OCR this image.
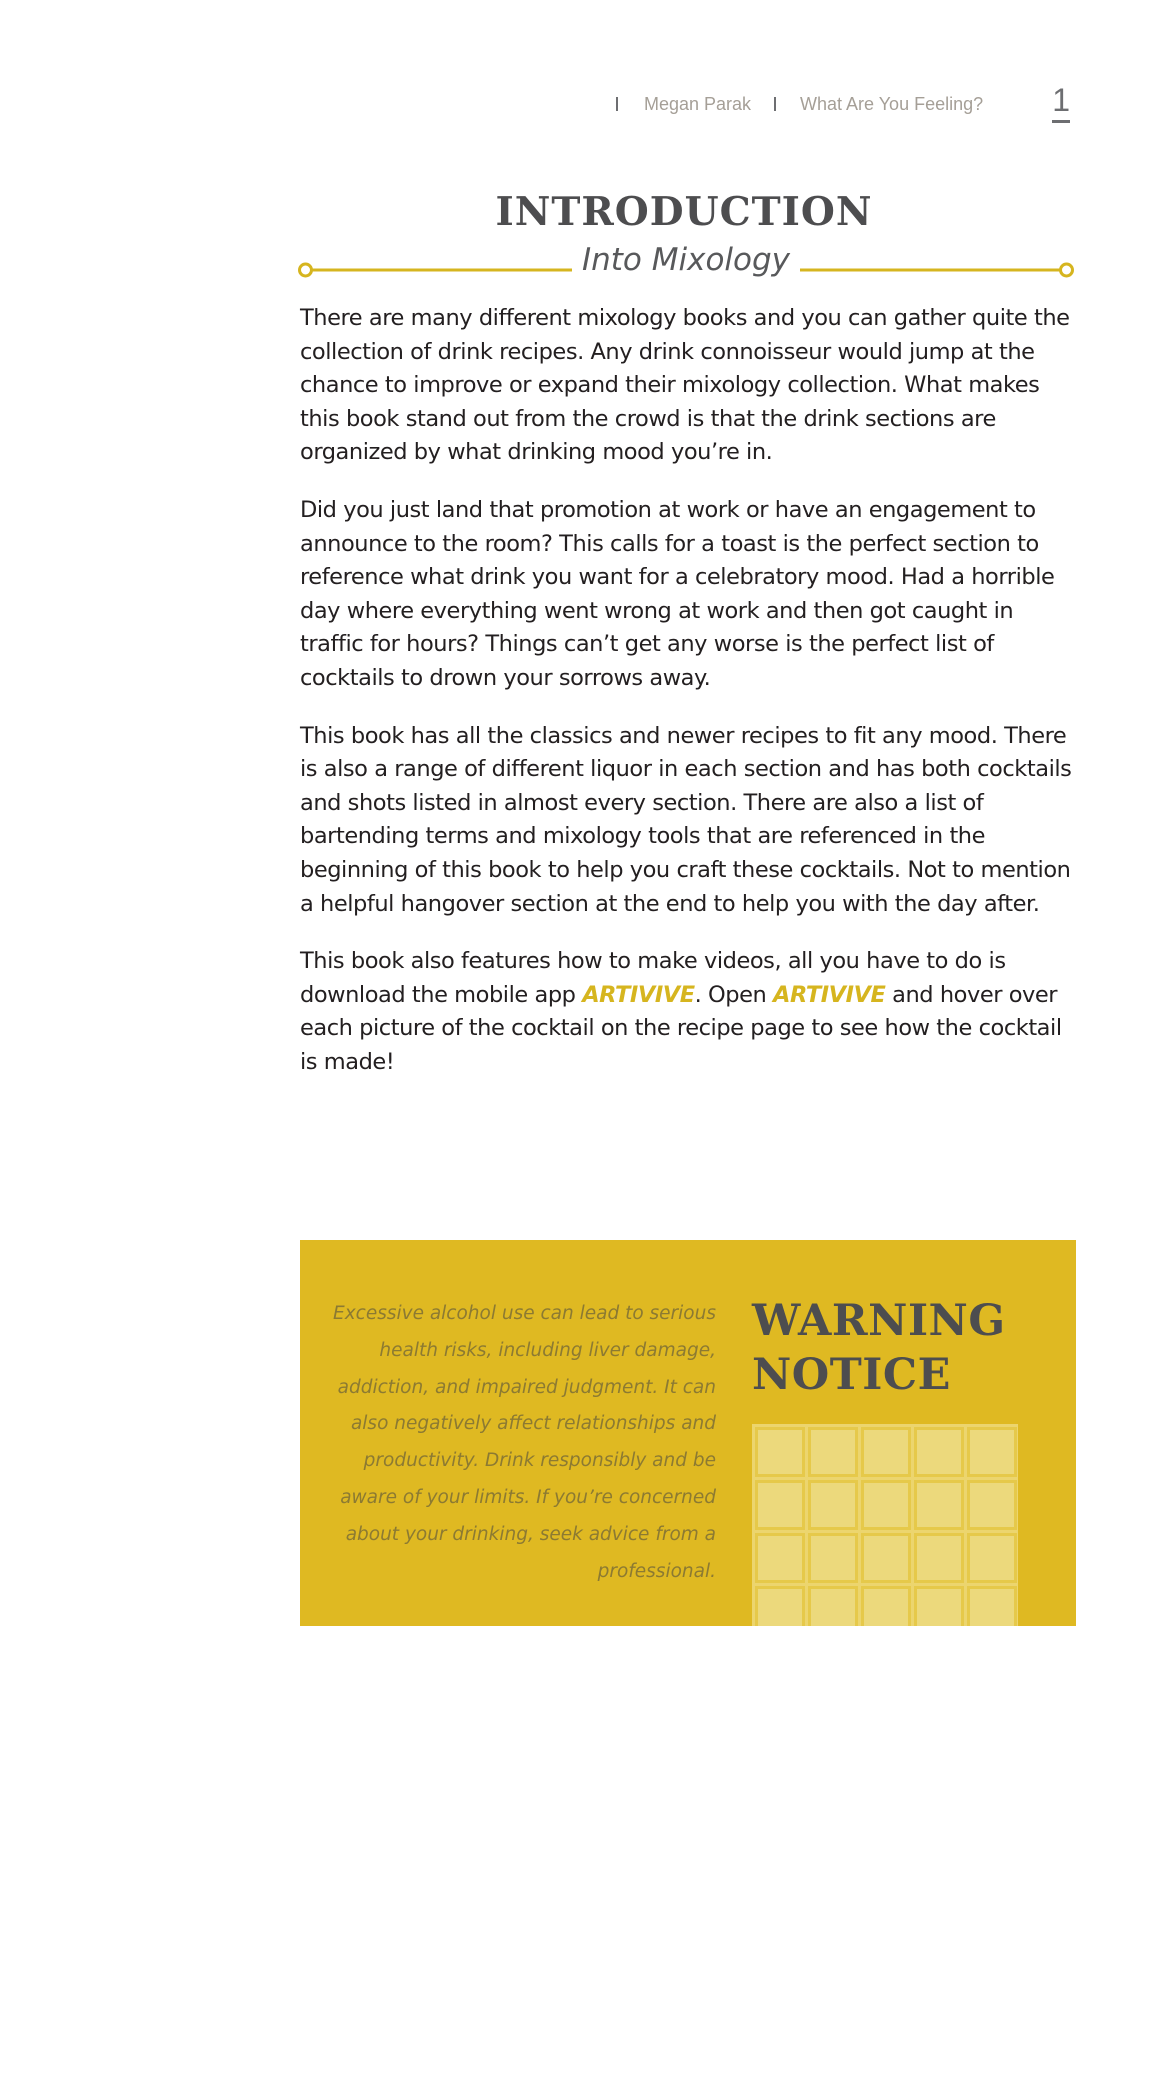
Megan Parak	What Are You Feeling? 1
INTRODUCTION
Into Mixology

There are many different mixology books and you can gather quite the collection of drink recipes. Any drink connoisseur would jump at the chance to improve or expand their mixology collection. What makes this book stand out from the crowd is that the drink sections are organized by what drinking mood you’re in.

Did you just land that promotion at work or have an engagement to announce to the room? This calls for a toast is the perfect section to reference what drink you want for a celebratory mood. Had a horrible day where everything went wrong at work and then got caught in traffic for hours? Things can’t get any worse is the perfect list of cocktails to drown your sorrows away.

This book has all the classics and newer recipes to fit any mood. There is also a range of different liquor in each section and has both cocktails and shots listed in almost every section. There are also a list of bartending terms and mixology tools that are referenced in the beginning of this book to help you craft these cocktails. Not to mention a helpful hangover section at the end to help you with the day after.

This book also features how to make videos, all you have to do is download the mobile app ARTIVIVE. Open ARTIVIVE and hover over each picture of the cocktail on the recipe page to see how the cocktail is made!

Excessive alcohol use can lead to serious health risks, including liver damage, addiction, and impaired judgment. It can also negatively affect relationships and productivity. Drink responsibly and be aware of your limits. If you’re concerned about your drinking, seek advice from a professional.
WARNING
NOTICE
